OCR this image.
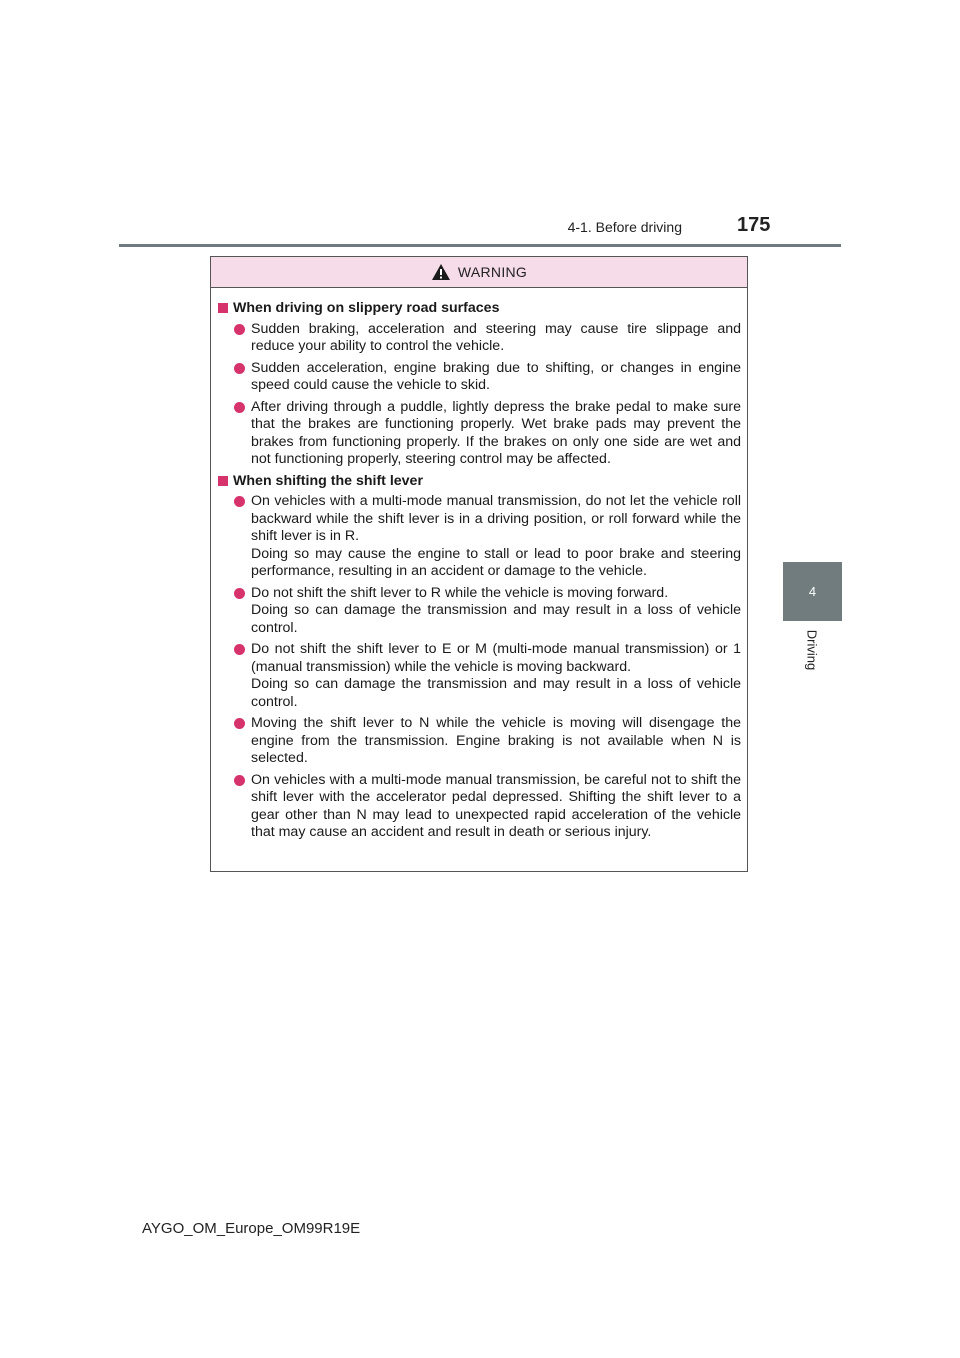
4-1. Before driving	175
4
Driving
WARNING
When driving on slippery road surfaces

Sudden braking, acceleration and steering may cause tire slippage and reduce your ability to control the vehicle.

Sudden acceleration, engine braking due to shifting, or changes in engine speed could cause the vehicle to skid.

After driving through a puddle, lightly depress the brake pedal to make sure that the brakes are functioning properly. Wet brake pads may prevent the brakes from functioning properly. If the brakes on only one side are wet and not functioning properly, steering control may be affected.

When shifting the shift lever

On vehicles with a multi-mode manual transmission, do not let the vehicle roll backward while the shift lever is in a driving position, or roll forward while the shift lever is in R.

Doing so may cause the engine to stall or lead to poor brake and steering performance, resulting in an accident or damage to the vehicle.

Do not shift the shift lever to R while the vehicle is moving forward.

Doing so can damage the transmission and may result in a loss of vehicle control.

Do not shift the shift lever to E or M (multi-mode manual transmission) or 1 (manual transmission) while the vehicle is moving backward.

Doing so can damage the transmission and may result in a loss of vehicle control.

Moving the shift lever to N while the vehicle is moving will disengage the engine from the transmission. Engine braking is not available when N is selected.

On vehicles with a multi-mode manual transmission, be careful not to shift the shift lever with the accelerator pedal depressed. Shifting the shift lever to a gear other than N may lead to unexpected rapid acceleration of the vehicle that may cause an accident and result in death or serious injury.

AYGO_OM_Europe_OM99R19E
